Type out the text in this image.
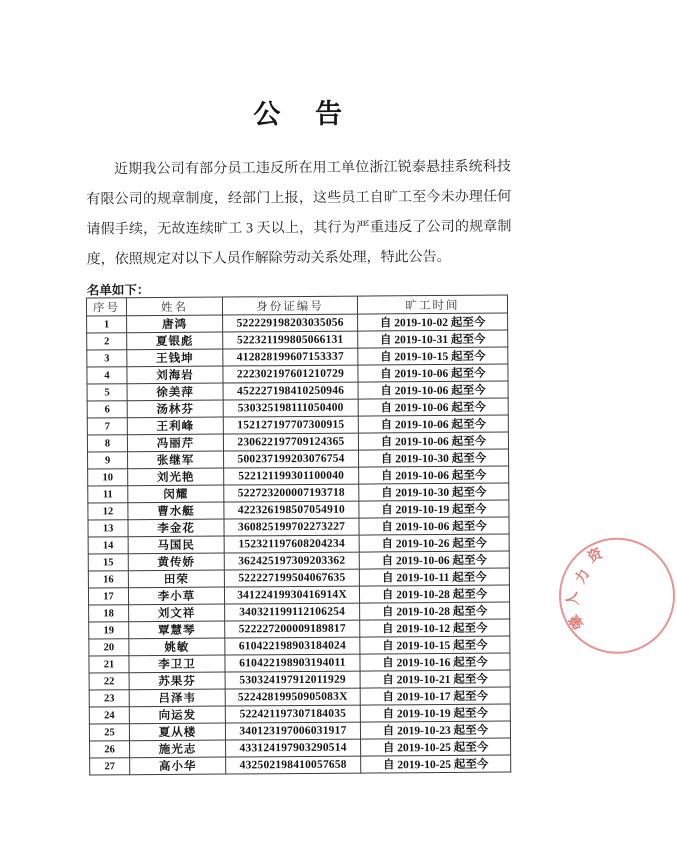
公 告

近期我公司有部分员工违反所在用工单位浙江锐泰悬挂系统科技有限公司的规章制度，经部门上报，这些员工自旷工至今未办理任何请假手续，无故连续旷工 3 天以上，其行为严重违反了公司的规章制度，依照规定对以下人员作解除劳动关系处理，特此公告。

名单如下：
序号	姓名	身份证编号	旷工时间
1	唐鸿	522229198203035056	自 2019-10-02 起至今
2	夏银彪	522321199805066131	自 2019-10-31 起至今
3	王钱坤	412828199607153337	自 2019-10-15 起至今
4	刘海岩	222302197601210729	自 2019-10-06 起至今
5	徐美萍	452227198410250946	自 2019-10-06 起至今
6	汤林芬	530325198111050400	自 2019-10-06 起至今
7	王利峰	152127197707300915	自 2019-10-06 起至今
8	冯丽芹	230622197709124365	自 2019-10-06 起至今
9	张继军	500237199203076754	自 2019-10-30 起至今
10	刘光艳	522121199301100040	自 2019-10-06 起至今
11	闵耀	522723200007193718	自 2019-10-30 起至今
12	曹水艇	422326198507054910	自 2019-10-19 起至今
13	李金花	360825199702273227	自 2019-10-06 起至今
14	马国民	152321197608204234	自 2019-10-26 起至今
15	黄传娇	362425197309203362	自 2019-10-06 起至今
16	田荣	522227199504067635	自 2019-10-11 起至今
17	李小草	34122419930416914X	自 2019-10-28 起至今
18	刘文祥	340321199112106254	自 2019-10-28 起至今
19	覃慧琴	522227200009189817	自 2019-10-12 起至今
20	姚敏	610422198903184024	自 2019-10-15 起至今
21	李卫卫	610422198903194011	自 2019-10-16 起至今
22	苏果芬	530324197912011929	自 2019-10-21 起至今
23	吕泽韦	52242819950905083X	自 2019-10-17 起至今
24	向运发	522421197307184035	自 2019-10-19 起至今
25	夏从楼	340123197006031917	自 2019-10-23 起至今
26	施光志	433124197903290514	自 2019-10-25 起至今
27	高小华	432502198410057658	自 2019-10-25 起至今
资
力
人
肇
